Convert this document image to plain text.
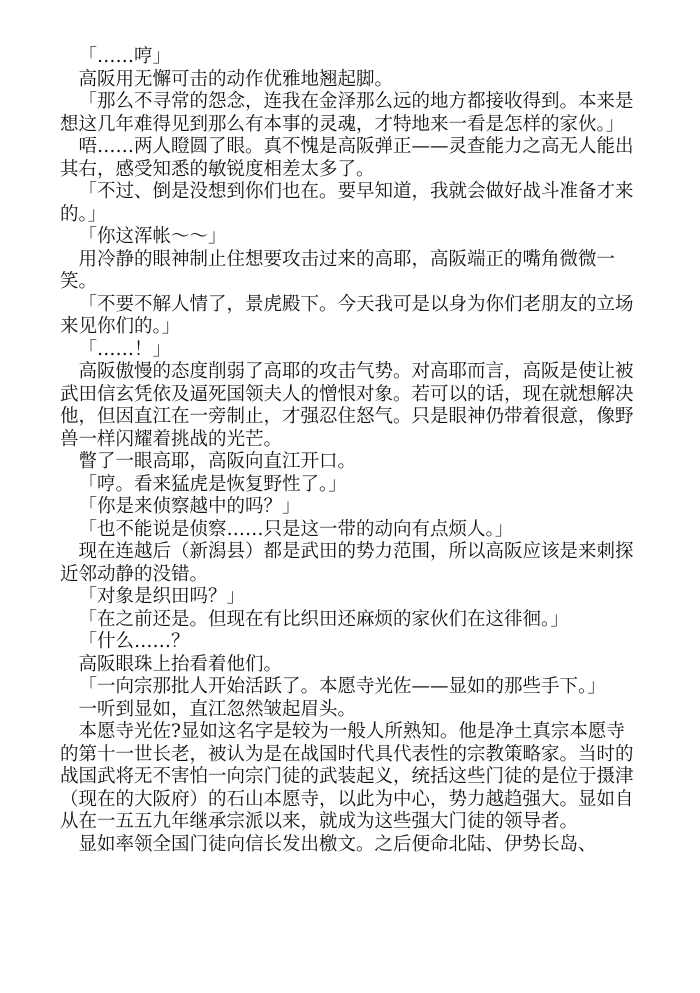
「……哼」

高阪用无懈可击的动作优雅地翘起脚。

「那么不寻常的怨念，连我在金泽那么远的地方都接收得到。本来是想这几年难得见到那么有本事的灵魂，才特地来一看是怎样的家伙。」

唔……两人瞪圆了眼。真不愧是高阪弹正——灵查能力之高无人能出其右，感受知悉的敏锐度相差太多了。

「不过、倒是没想到你们也在。要早知道，我就会做好战斗准备才来的。」

「你这浑帐～～」

用冷静的眼神制止住想要攻击过来的高耶，高阪端正的嘴角微微一笑。

「不要不解人情了，景虎殿下。今天我可是以身为你们老朋友的立场来见你们的。」

「……！」

高阪傲慢的态度削弱了高耶的攻击气势。对高耶而言，高阪是使让被武田信玄凭依及逼死国领夫人的憎恨对象。若可以的话，现在就想解决他，但因直江在一旁制止，才强忍住怒气。只是眼神仍带着很意，像野兽一样闪耀着挑战的光芒。

瞥了一眼高耶，高阪向直江开口。

「哼。看来猛虎是恢复野性了。」

「你是来侦察越中的吗？」

「也不能说是侦察……只是这一带的动向有点烦人。」

现在连越后（新潟县）都是武田的势力范围，所以高阪应该是来刺探近邻动静的没错。

「对象是织田吗？」

「在之前还是。但现在有比织田还麻烦的家伙们在这徘徊。」

「什么……？

高阪眼珠上抬看着他们。

「一向宗那批人开始活跃了。本愿寺光佐——显如的那些手下。」

一听到显如，直江忽然皱起眉头。

本愿寺光佐?显如这名字是较为一般人所熟知。他是净土真宗本愿寺的第十一世长老，被认为是在战国时代具代表性的宗教策略家。当时的战国武将无不害怕一向宗门徒的武装起义，统括这些门徒的是位于摄津（现在的大阪府）的石山本愿寺，以此为中心，势力越趋强大。显如自从在一五五九年继承宗派以来，就成为这些强大门徒的领导者。

显如率领全国门徒向信长发出檄文。之后便命北陆、伊势长岛、
